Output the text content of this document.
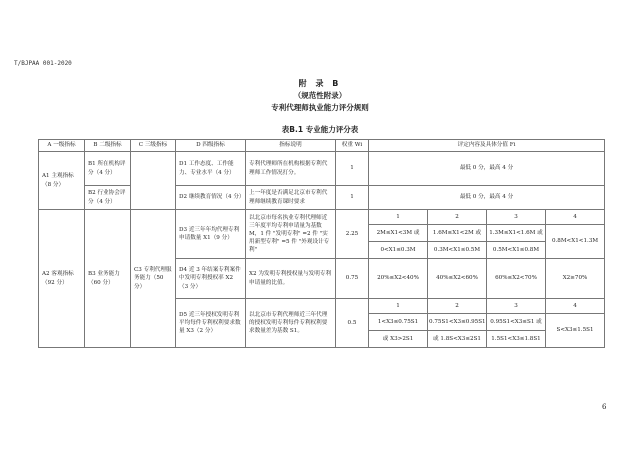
T/BJPAA 001-2020
附 录 B
（规范性附录）
专利代理师执业能力评分规则
表B.1 专业能力评分表
A 一级指标	B 二级指标	C 三级指标	D 四级指标	指标说明	权重 Wi	评定内容及具体分值 Fi			
A1 主观指标（8 分）	B1 所在机构评分（4 分）		D1 工作态度、工作能力、专业水平（4 分）	专利代理师所在机构根据专利代理师工作情况打分。	1	最低 0 分，最高 4 分			
	B2 行业协会评分（4 分）		D2 继续教育情况（4 分）	上一年度是否满足北京市专利代理师继续教育课时要求	1	最低 0 分，最高 4 分			
A2 客观指标（92 分）	B3 业务能力（60 分）	C3 专利代理服务能力（50 分）	D3 近三年年均代理专利申请数量 X1（9 分）	以北京市每名执业专利代理师近三年度平均专利申请量为基数 M，1 件 "发明专利" =2 件 "实用新型专利" =5 件 "外观设计专利"	2.25	1	2	3	4
						2M≤X1<3M 或	1.6M≤X1<2M 或	1.3M≤X1<1.6M 或	0.8M<X1<1.3M
						0<X1≤0.3M	0.3M<X1≤0.5M	0.5M<X1≤0.8M	
			D4 近 3 年结案专利案件中发明专利授权率 X2（3 分）	X2 为发明专利授权量与发明专利申请量的比值。	0.75	20%≤X2<40%	40%≤X2<60%	60%≤X2<70%	X2≥70%
			D5 近三年授权发明专利平均每件专利权利要求数量 X3（2 分）	以北京市专利代理师近三年代理的授权发明专利每件专利权利要求数量差为基数 S1。	0.5	1	2	3	4
						1<X3≤0.75S1	0.75S1<X3≤0.95S1	0.95S1<X3≤S1 或	S<X3≤1.5S1
						或 X3>2S1	或 1.8S<X3≤2S1	1.5S1<X3≤1.8S1	
6
